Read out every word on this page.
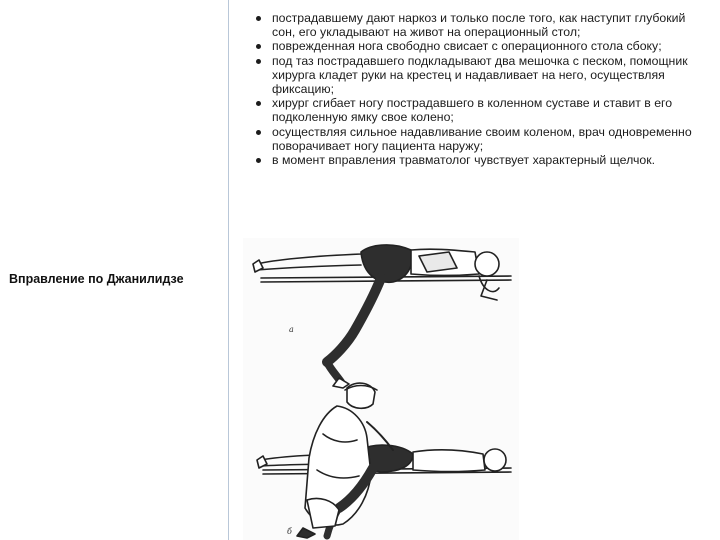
Вправление по Джанилидзе
пострадавшему дают наркоз и только после того, как наступит глубокий сон, его укладывают на живот на операционный стол;
поврежденная нога свободно свисает с операционного стола сбоку;
под таз пострадавшего подкладывают два мешочка с песком, помощник хирурга кладет руки на крестец и надавливает на него, осуществляя фиксацию;
хирург сгибает ногу пострадавшего в коленном суставе и ставит в его подколенную ямку свое колено;
осуществляя сильное надавливание своим коленом, врач одновременно поворачивает ногу пациента наружу;
в момент вправления травматолог чувствует характерный щелчок.
а
б
